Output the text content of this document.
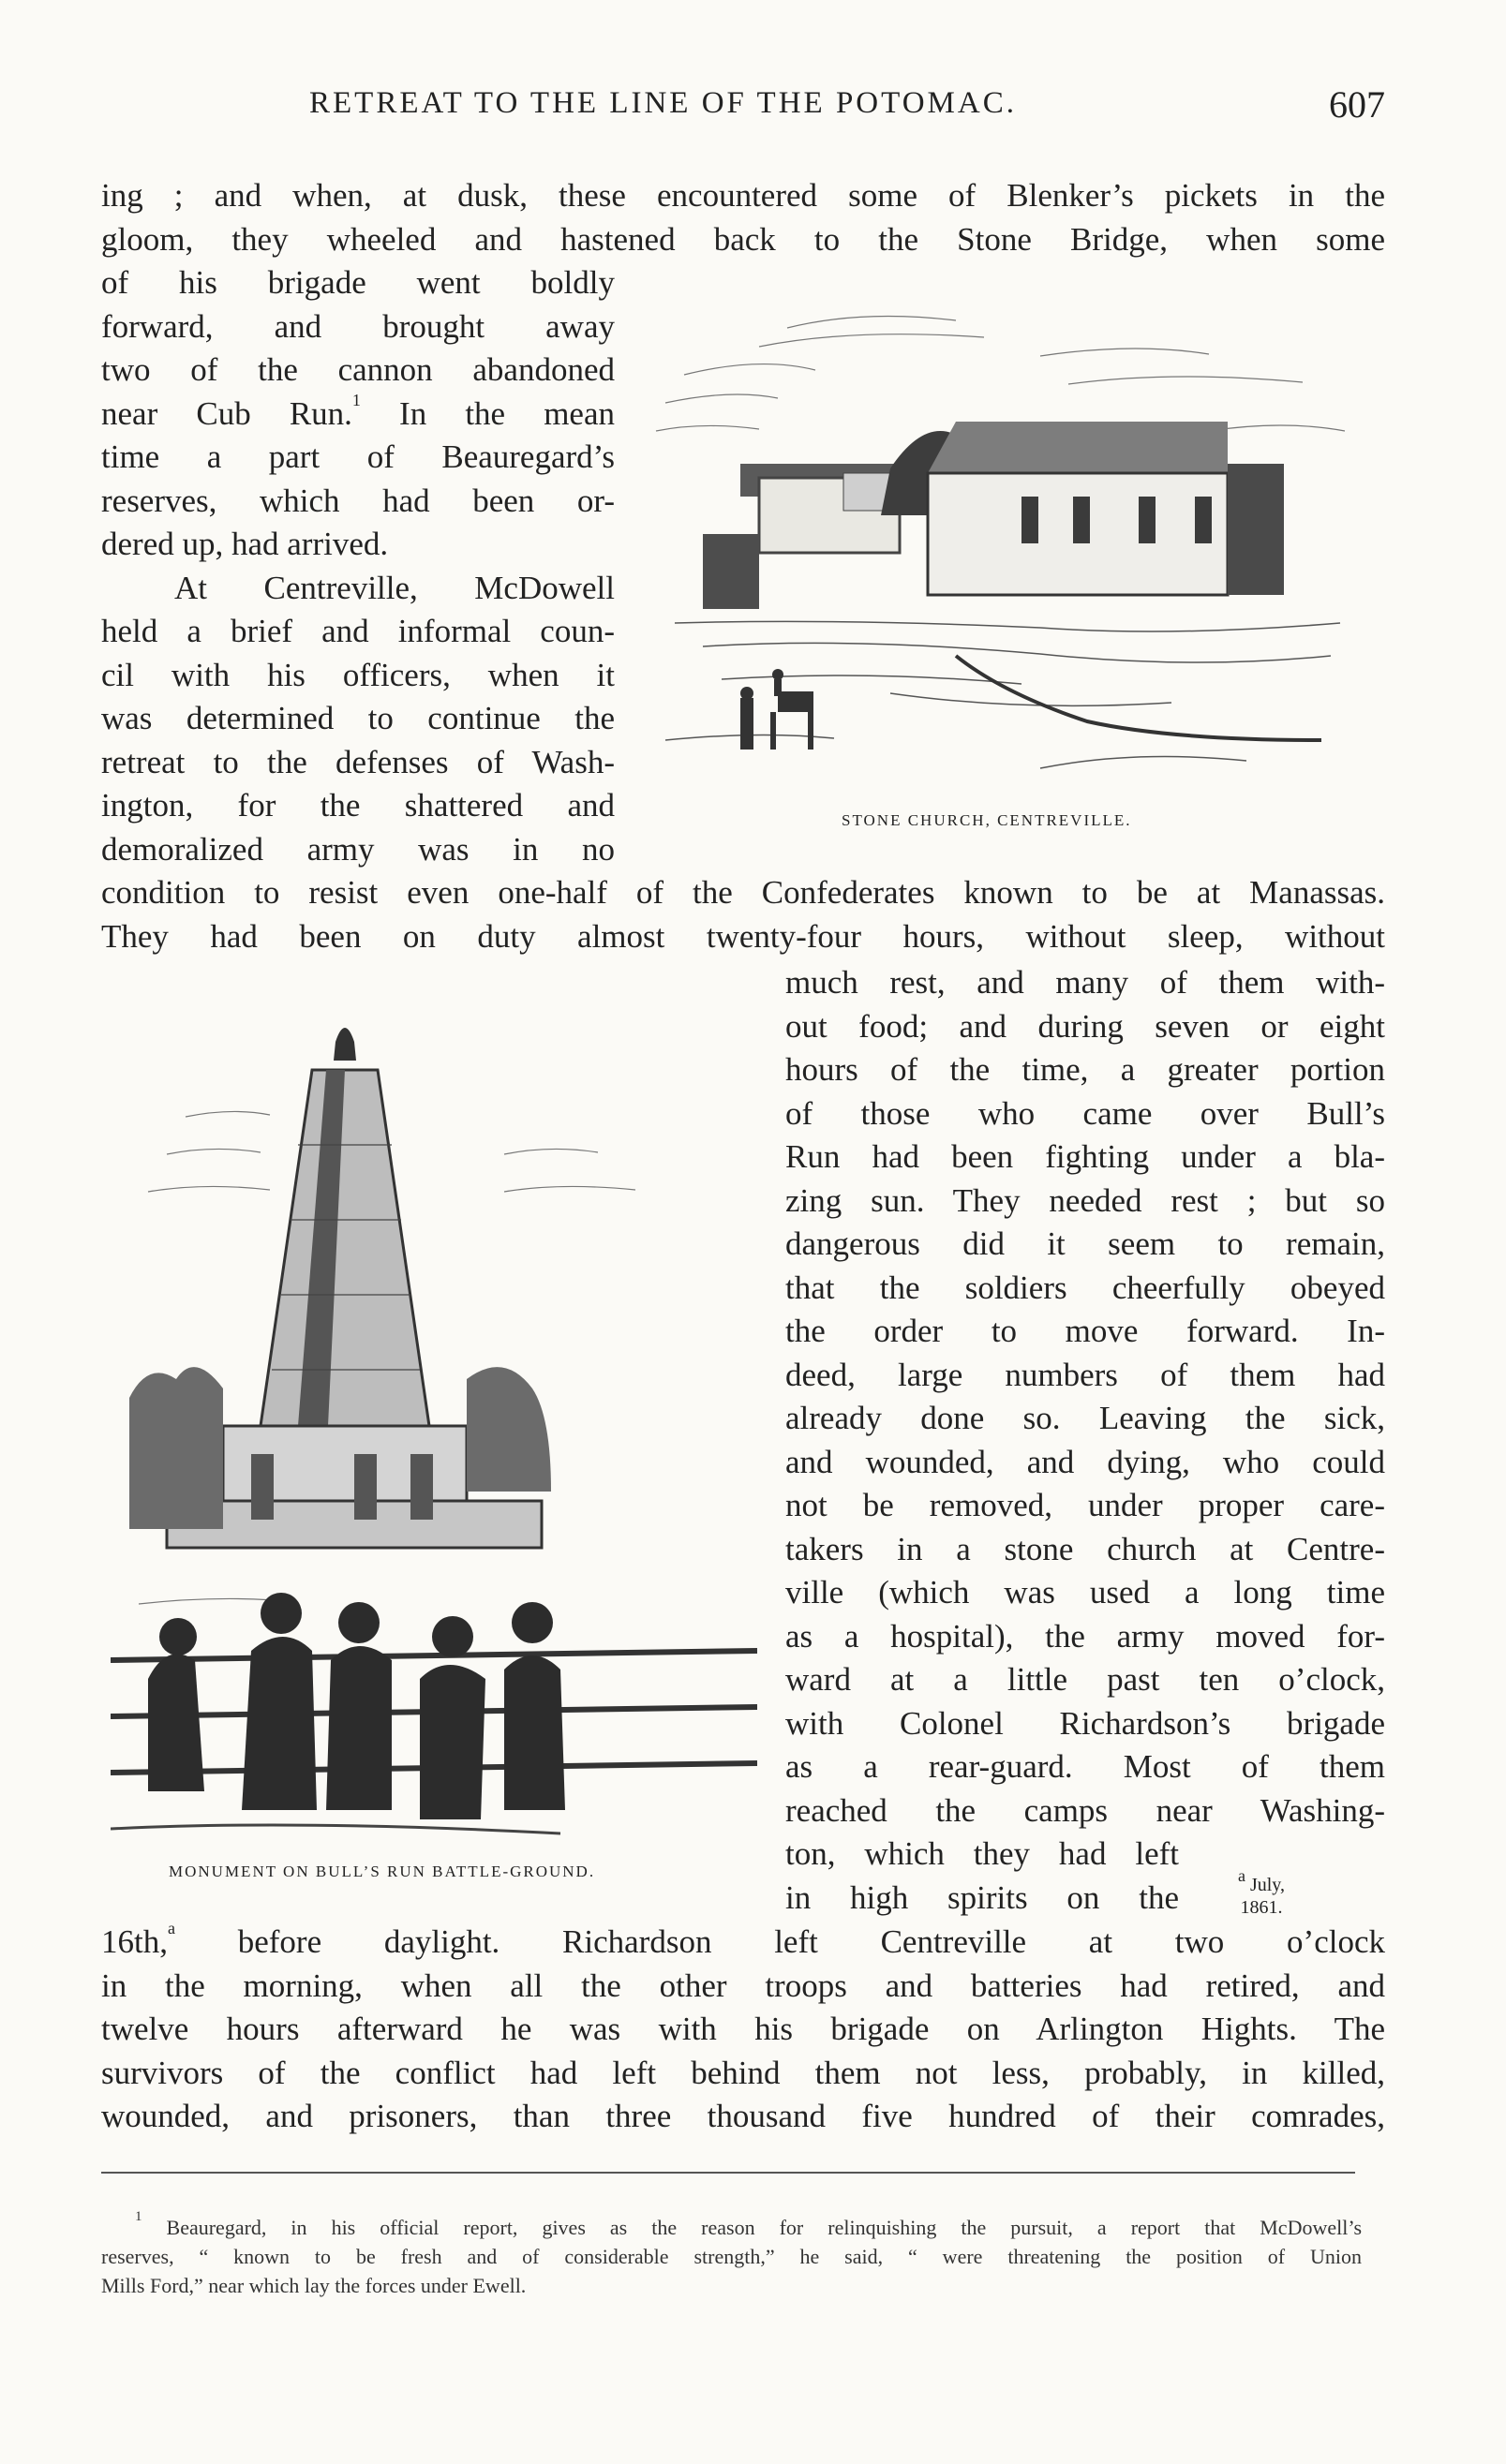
RETREAT TO THE LINE OF THE POTOMAC.	607
ing ; and when, at dusk, these encountered some of Blenker’s pickets in the
gloom, they wheeled and hastened back to the Stone Bridge, when some
of his brigade went boldly
forward, and brought away
two of the cannon abandoned
near Cub Run.$^1$ In the mean
time a part of Beauregard’s
reserves, which had been or-
dered up, had arrived.
At Centreville, McDowell
held a brief and informal coun-
cil with his officers, when it
was determined to continue the
retreat to the defenses of Wash-
ington, for the shattered and
demoralized army was in no
STONE CHURCH, CENTREVILLE.
condition to resist even one-half of the Confederates known to be at Manassas.
They had been on duty almost twenty-four hours, without sleep, without
MONUMENT ON BULL’S RUN BATTLE-GROUND.
much rest, and many of them with-
out food; and during seven or eight
hours of the time, a greater portion
of those who came over Bull’s
Run had been fighting under a bla-
zing sun. They needed rest ; but so
dangerous did it seem to remain,
that the soldiers cheerfully obeyed
the order to move forward. In-
deed, large numbers of them had
already done so. Leaving the sick,
and wounded, and dying, who could
not be removed, under proper care-
takers in a stone church at Centre-
ville (which was used a long time
as a hospital), the army moved for-
ward at a little past ten o’clock,
with Colonel Richardson’s brigade
as a rear-guard. Most of them
reached the camps near Washing-
ton, which they had left
in high spirits on the
$^a$ July,
1861.
16th,$^a$ before daylight. Richardson left Centreville at two o’clock
in the morning, when all the other troops and batteries had retired, and
twelve hours afterward he was with his brigade on Arlington Hights. The
survivors of the conflict had left behind them not less, probably, in killed,
wounded, and prisoners, than three thousand five hundred of their comrades,
$^1$ Beauregard, in his official report, gives as the reason for relinquishing the pursuit, a report that McDowell’s
reserves, “ known to be fresh and of considerable strength,” he said, “ were threatening the position of Union
Mills Ford,” near which lay the forces under Ewell.
